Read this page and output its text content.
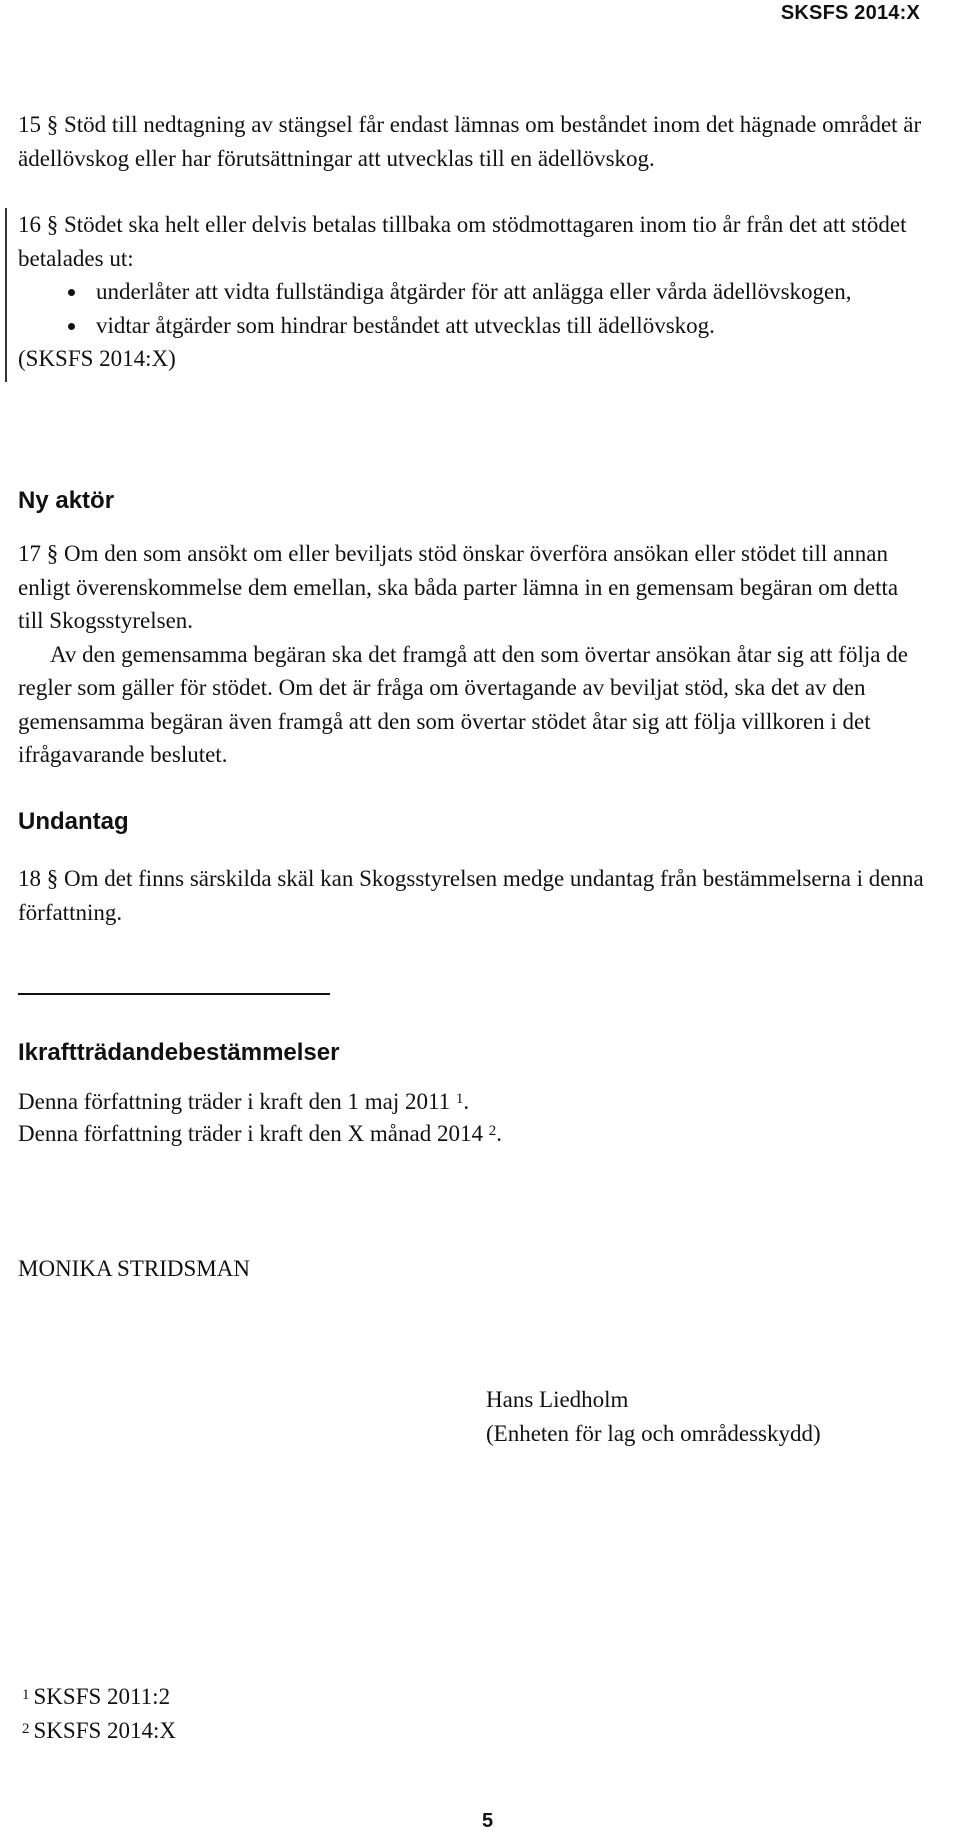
SKSFS 2014:X

15 § Stöd till nedtagning av stängsel får endast lämnas om beståndet inom det hägnade området är ädellövskog eller har förutsättningar att utvecklas till en ädellövskog.

16 § Stödet ska helt eller delvis betalas tillbaka om stödmottagaren inom tio år från det att stödet betalades ut:
underlåter att vidta fullständiga åtgärder för att anlägga eller vårda ädellövskogen,
vidtar åtgärder som hindrar beståndet att utvecklas till ädellövskog.
(SKSFS 2014:X)
Ny aktör
17 § Om den som ansökt om eller beviljats stöd önskar överföra ansökan eller stödet till annan enligt överenskommelse dem emellan, ska båda parter lämna in en gemensam begäran om detta till Skogsstyrelsen.
Av den gemensamma begäran ska det framgå att den som övertar ansökan åtar sig att följa de regler som gäller för stödet. Om det är fråga om övertagande av beviljat stöd, ska det av den gemensamma begäran även framgå att den som övertar stödet åtar sig att följa villkoren i det ifrågavarande beslutet.
Undantag

18 § Om det finns särskilda skäl kan Skogsstyrelsen medge undantag från bestämmelserna i denna författning.

Ikraftträdandebestämmelser
Denna författning träder i kraft den 1 maj 2011 $^1$.
Denna författning träder i kraft den X månad 2014 $^2$.
MONIKA STRIDSMAN
Hans Liedholm
(Enheten för lag och områdesskydd)
$^1$ SKSFS 2011:2
$^2$ SKSFS 2014:X
5
